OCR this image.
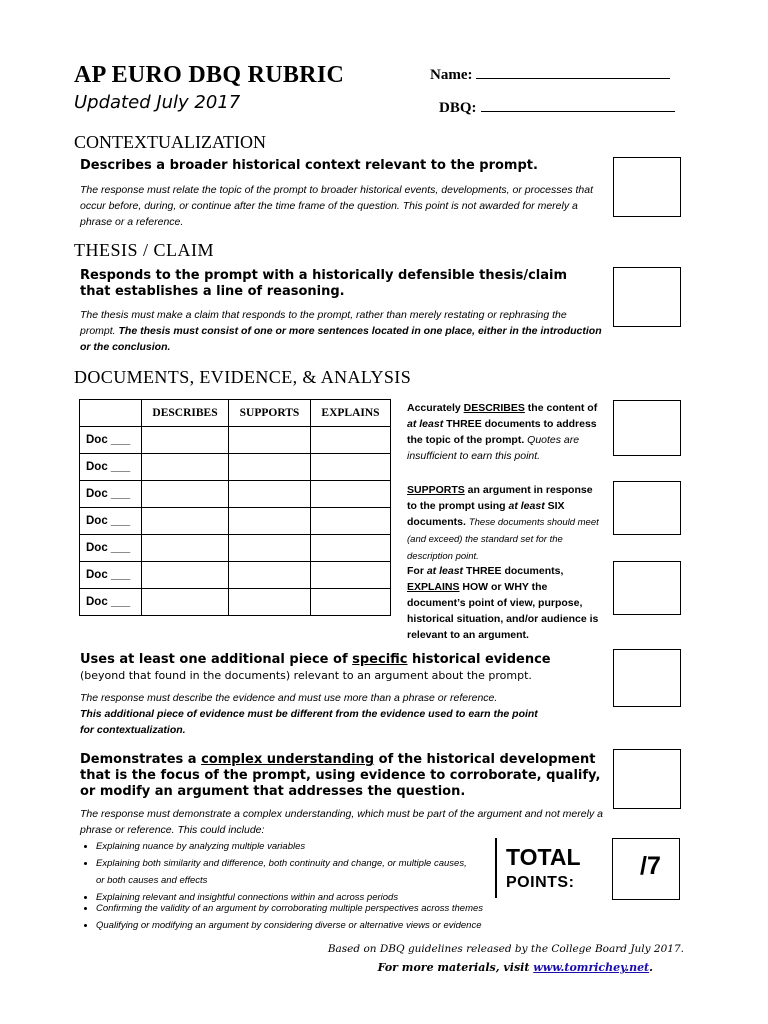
AP EURO DBQ RUBRIC
Updated July 2017
Name:
DBQ:
CONTEXTUALIZATION
Describes a broader historical context relevant to the prompt.
The response must relate the topic of the prompt to broader historical events, developments, or processes that occur before, during, or continue after the time frame of the question. This point is not awarded for merely a phrase or a reference.
THESIS / CLAIM
Responds to the prompt with a historically defensible thesis/claim that establishes a line of reasoning.
The thesis must make a claim that responds to the prompt, rather than merely restating or rephrasing the prompt. The thesis must consist of one or more sentences located in one place, either in the introduction or the conclusion.
DOCUMENTS, EVIDENCE, & ANALYSIS
	DESCRIBES	SUPPORTS	EXPLAINS
Doc ___			
Doc ___			
Doc ___			
Doc ___			
Doc ___			
Doc ___			
Doc ___			
Accurately DESCRIBES the content of at least THREE documents to address the topic of the prompt. Quotes are insufficient to earn this point.
SUPPORTS an argument in response to the prompt using at least SIX documents. These documents should meet (and exceed) the standard set for the description point.
For at least THREE documents, EXPLAINS HOW or WHY the document’s point of view, purpose, historical situation, and/or audience is relevant to an argument.
Uses at least one additional piece of specific historical evidence
(beyond that found in the documents) relevant to an argument about the prompt.
The response must describe the evidence and must use more than a phrase or reference.
This additional piece of evidence must be different from the evidence used to earn the point for contextualization.
Demonstrates a complex understanding of the historical development that is the focus of the prompt, using evidence to corroborate, qualify, or modify an argument that addresses the question.
The response must demonstrate a complex understanding, which must be part of the argument and not merely a phrase or reference. This could include:
• Explaining nuance by analyzing multiple variables
• Explaining both similarity and difference, both continuity and change, or multiple causes, or both causes and effects
• Explaining relevant and insightful connections within and across periods
• Confirming the validity of an argument by corroborating multiple perspectives across themes
• Qualifying or modifying an argument by considering diverse or alternative views or evidence
TOTAL
POINTS:
/7
Based on DBQ guidelines released by the College Board July 2017.
For more materials, visit www.tomrichey.net.
